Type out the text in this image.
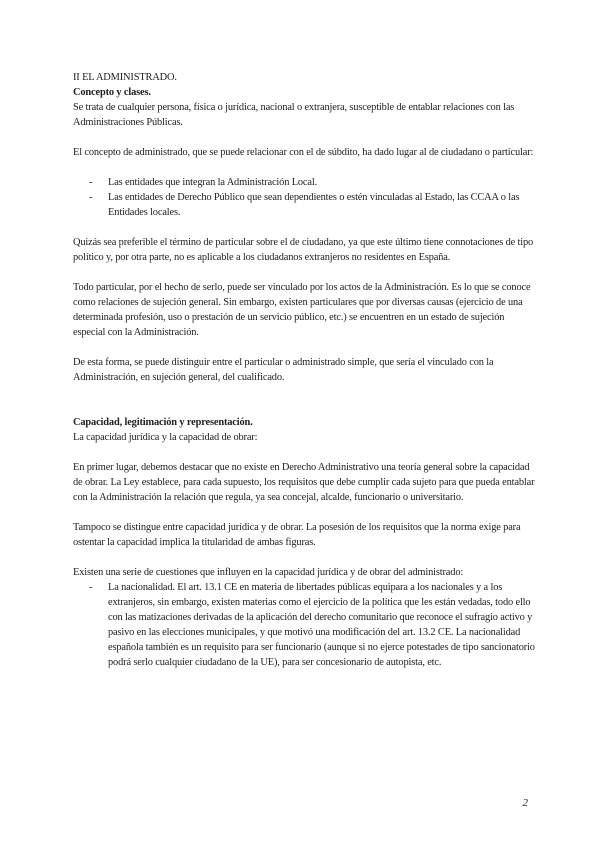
II EL ADMINISTRADO.

Concepto y clases.

Se trata de cualquier persona, física o jurídica, nacional o extranjera, susceptible de entablar relaciones con las Administraciones Públicas.

El concepto de administrado, que se puede relacionar con el de súbdito, ha dado lugar al de ciudadano o particular:

- Las entidades que integran la Administración Local.
- Las entidades de Derecho Público que sean dependientes o estén vinculadas al Estado, las CCAA o las Entidades locales.

Quizás sea preferible el término de particular sobre el de ciudadano, ya que este último tiene connotaciones de tipo político y, por otra parte, no es aplicable a los ciudadanos extranjeros no residentes en España.

Todo particular, por el hecho de serlo, puede ser vinculado por los actos de la Administración. Es lo que se conoce como relaciones de sujeción general. Sin embargo, existen particulares que por diversas causas (ejercicio de una determinada profesión, uso o prestación de un servicio público, etc.) se encuentren en un estado de sujeción especial con la Administración.

De esta forma, se puede distinguir entre el particular o administrado simple, que sería el vinculado con la Administración, en sujeción general, del cualificado.

Capacidad, legitimación y representación.

La capacidad jurídica y la capacidad de obrar:

En primer lugar, debemos destacar que no existe en Derecho Administrativo una teoría general sobre la capacidad de obrar. La Ley establece, para cada supuesto, los requisitos que debe cumplir cada sujeto para que pueda entablar con la Administración la relación que regula, ya sea concejal, alcalde, funcionario o universitario.

Tampoco se distingue entre capacidad jurídica y de obrar. La posesión de los requisitos que la norma exige para ostentar la capacidad implica la titularidad de ambas figuras.

Existen una serie de cuestiones que influyen en la capacidad jurídica y de obrar del administrado:

- La nacionalidad. El art. 13.1 CE en materia de libertades públicas equipara a los nacionales y a los extranjeros, sin embargo, existen materias como el ejercicio de la política que les están vedadas, todo ello con las matizaciones derivadas de la aplicación del derecho comunitario que reconoce el sufragio activo y pasivo en las elecciones municipales, y que motivó una modificación del art. 13.2 CE. La nacionalidad española también es un requisito para ser funcionario (aunque si no ejerce potestades de tipo sancionatorio podrá serlo cualquier ciudadano de la UE), para ser concesionario de autopista, etc.
2
